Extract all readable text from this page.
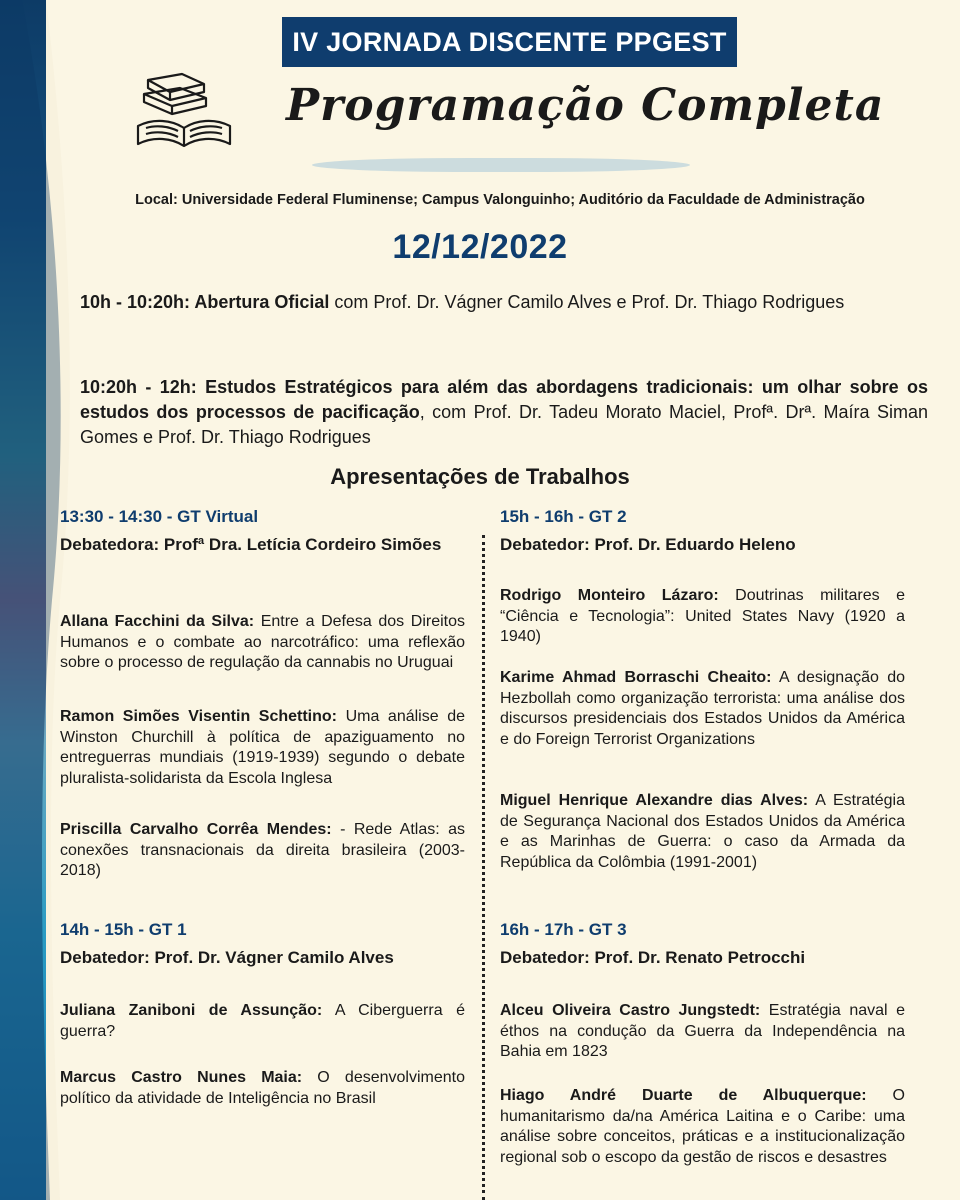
IV JORNADA DISCENTE PPGEST
Programação Completa
Local: Universidade Federal Fluminense; Campus Valonguinho; Auditório da Faculdade de Administração
12/12/2022
10h - 10:20h: Abertura Oficial com Prof. Dr. Vágner Camilo Alves e Prof. Dr. Thiago Rodrigues
10:20h - 12h: Estudos Estratégicos para além das abordagens tradicionais: um olhar sobre os estudos dos processos de pacificação, com Prof. Dr. Tadeu Morato Maciel, Profª. Drª. Maíra Siman Gomes e Prof. Dr. Thiago Rodrigues
Apresentações de Trabalhos
13:30 - 14:30 - GT Virtual
Debatedora: Profª Dra. Letícia Cordeiro Simões
Allana Facchini da Silva: Entre a Defesa dos Direitos Humanos e o combate ao narcotráfico: uma reflexão sobre o processo de regulação da cannabis no Uruguai
Ramon Simões Visentin Schettino: Uma análise de Winston Churchill à política de apaziguamento no entreguerras mundiais (1919-1939) segundo o debate pluralista-solidarista da Escola Inglesa
Priscilla Carvalho Corrêa Mendes: - Rede Atlas: as conexões transnacionais da direita brasileira (2003-2018)
14h - 15h - GT 1
Debatedor: Prof. Dr. Vágner Camilo Alves
Juliana Zaniboni de Assunção: A Ciberguerra é guerra?
Marcus Castro Nunes Maia: O desenvolvimento político da atividade de Inteligência no Brasil
15h - 16h - GT 2
Debatedor: Prof. Dr. Eduardo Heleno
Rodrigo Monteiro Lázaro: Doutrinas militares e “Ciência e Tecnologia”: United States Navy (1920 a 1940)
Karime Ahmad Borraschi Cheaito: A designação do Hezbollah como organização terrorista: uma análise dos discursos presidenciais dos Estados Unidos da América e do Foreign Terrorist Organizations
Miguel Henrique Alexandre dias Alves: A Estratégia de Segurança Nacional dos Estados Unidos da América e as Marinhas de Guerra: o caso da Armada da República da Colômbia (1991-2001)
16h - 17h - GT 3
Debatedor: Prof. Dr. Renato Petrocchi
Alceu Oliveira Castro Jungstedt: Estratégia naval e éthos na condução da Guerra da Independência na Bahia em 1823
Hiago André Duarte de Albuquerque: O humanitarismo da/na América Laitina e o Caribe: uma análise sobre conceitos, práticas e a institucionalização regional sob o escopo da gestão de riscos e desastres
